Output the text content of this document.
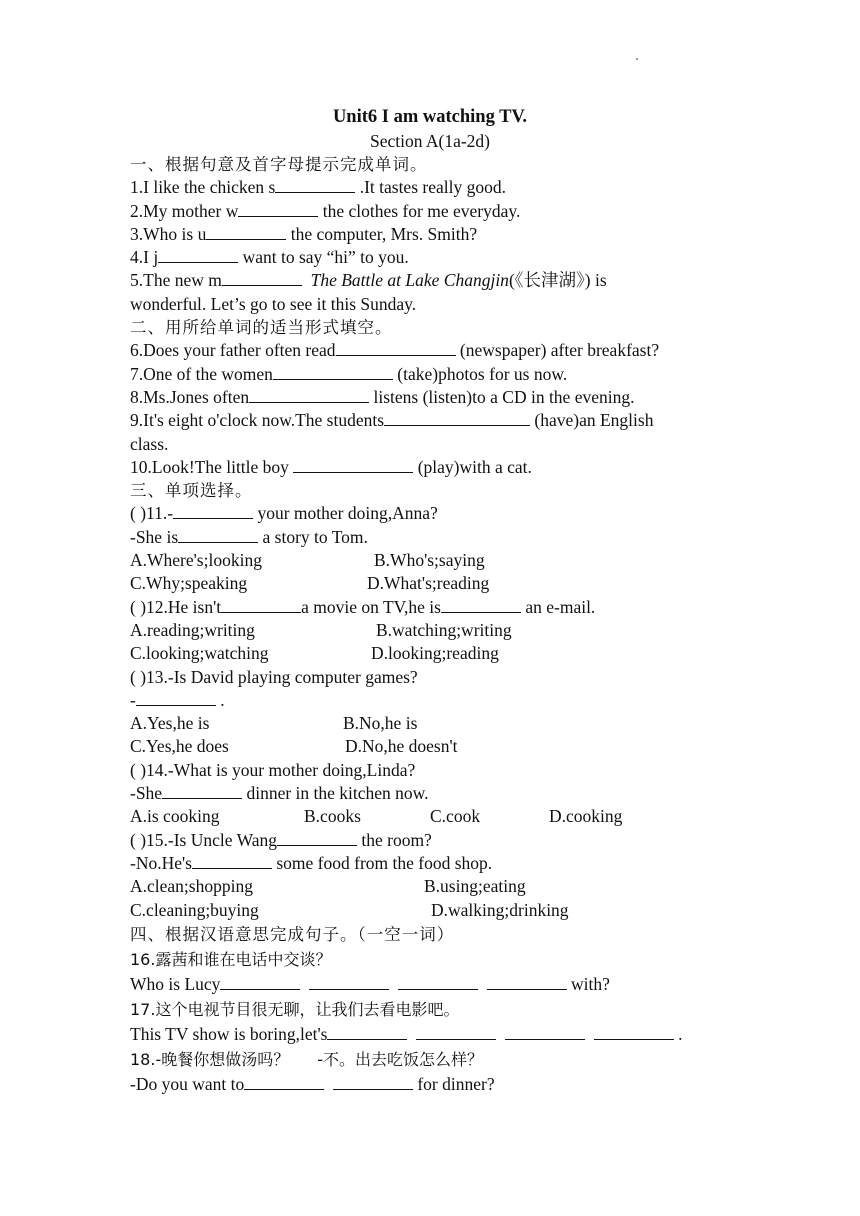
Unit6 I am watching TV.
Section A(1a-2d)
一、根据句意及首字母提示完成单词。
1.I like the chicken s	.It tastes really good.
2.My mother w	the clothes for me everyday.
3.Who is u	the computer, Mrs. Smith?
4.I j	want to say “hi” to you.
5.The new m	The Battle at Lake Changjin(《长津湖》) is
wonderful. Let’s go to see it this Sunday.
二、用所给单词的适当形式填空。
6.Does your father often read	(newspaper) after breakfast?
7.One of the women	(take)photos for us now.
8.Ms.Jones often	listens (listen)to a CD in the evening.
9.It's eight o'clock now.The students	(have)an English
class.
10.Look!The little boy	(play)with a cat.
三、单项选择。
( )11.-	your mother doing,Anna?
-She is	a story to Tom.
A.Where's;looking	B.Who's;saying
C.Why;speaking	D.What's;reading
( )12.He isn't	a movie on TV,he is	an e-mail.
A.reading;writing	B.watching;writing
C.looking;watching	D.looking;reading
( )13.-Is David playing computer games?
-	.
A.Yes,he is	B.No,he is
C.Yes,he does	D.No,he doesn't
( )14.-What is your mother doing,Linda?
-She	dinner in the kitchen now.
A.is cooking	B.cooks	C.cook	D.cooking
( )15.-Is Uncle Wang	the room?
-No.He's	some food from the food shop.
A.clean;shopping	B.using;eating
C.cleaning;buying	D.walking;drinking
四、根据汉语意思完成句子。（一空一词）
16.露茜和谁在电话中交谈？
Who is Lucy	with?
17.这个电视节目很无聊，让我们去看电影吧。
This TV show is boring,let's	.
18.-晚餐你想做汤吗？ -不。出去吃饭怎么样？
-Do you want to	for dinner?
